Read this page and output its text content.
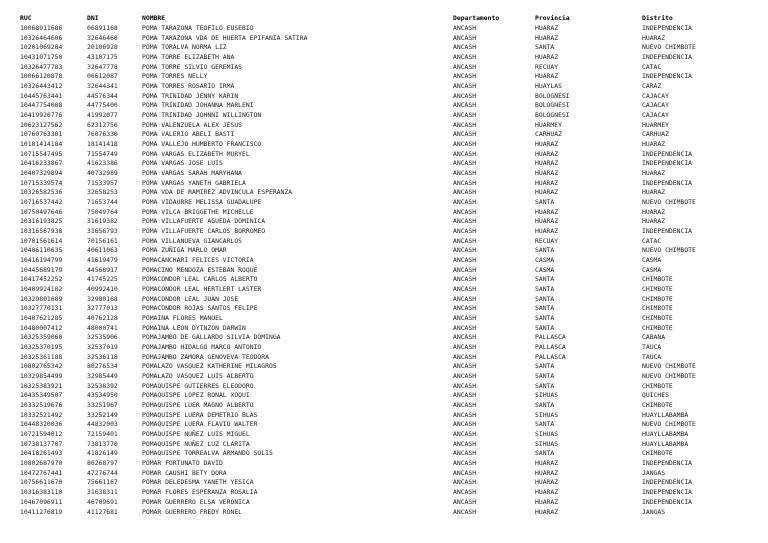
RUC	DNI	NOMBRE	Departamento	Provincia	Distrito
10068911686	06891168	POMA TARAZONA TEOFILO EUSEBIO	ANCASH	HUARAZ	INDEPENDENCIA
10326464606	32646460	POMA TARAZONA VDA DE HUERTA EPIFANIA SATIRA	ANCASH	HUARAZ	HUARAZ
10201069284	20106928	POMA TORALVA NORMA LIZ	ANCASH	SANTA	NUEVO CHIMBOTE
10431071750	43107175	POMA TORRE ELIZABETH ANA	ANCASH	HUARAZ	INDEPENDENCIA
10326477783	32647778	POMA TORRE SILVIO GEREMIAS	ANCASH	RECUAY	CATAC
10066120878	06612087	POMA TORRES NELLY	ANCASH	HUARAZ	INDEPENDENCIA
10326443412	32644341	POMA TORRES ROSARIO IRMA	ANCASH	HUAYLAS	CARAZ
10445763441	44576344	POMA TRINIDAD JENNY KARIN	ANCASH	BOLOGNESI	CAJACAY
10447754008	44775400	POMA TRINIDAD JOHANNA MARLENI	ANCASH	BOLOGNESI	CAJACAY
10419920776	41992077	POMA TRINIDAD JOHNNI WILLINGTON	ANCASH	BOLOGNESI	CAJACAY
10623127562	62312756	POMA VALENZUELA ALEX JESUS	ANCASH	HUARMEY	HUARMEY
10760763301	76076330	POMA VALERIO ABELI BASTI	ANCASH	CARHUAZ	CARHUAZ
10181414184	18141418	POMA VALLEJO HUMBERTO FRANCISCO	ANCASH	HUARAZ	HUARAZ
10715547495	71554749	POMA VARGAS ELIZABETH MURYEL	ANCASH	HUARAZ	INDEPENDENCIA
10416233867	41623386	POMA VARGAS JOSE LUIS	ANCASH	HUARAZ	INDEPENDENCIA
10407329894	40732989	POMA VARGAS SARAH MARYHANA	ANCASH	HUARAZ	HUARAZ
10715339574	71533957	POMA VARGAS YANETH GABRIELA	ANCASH	HUARAZ	INDEPENDENCIA
10326582536	32658253	POMA VDA DE RAMIREZ ADVINCULA ESPERANZA	ANCASH	HUARAZ	HUARAZ
10716537442	71653744	POMA VIDAURRE MELISSA GUADALUPE	ANCASH	SANTA	NUEVO CHIMBOTE
10750497646	75049764	POMA VILCA BRIGGETHE MICHELLE	ANCASH	HUARAZ	HUARAZ
10316193825	31619382	POMA VILLAFUERTE AGUEDA DOMINICA	ANCASH	HUARAZ	HUARAZ
10316567938	31656793	POMA VILLAFUERTE CARLOS BORROMEO	ANCASH	HUARAZ	INDEPENDENCIA
10701561614	70156161	POMA VILLANUEVA GIANCARLOS	ANCASH	RECUAY	CATAC
10406110635	40611063	POMA ZUÑIGA MARLO OMAR	ANCASH	SANTA	NUEVO CHIMBOTE
10416194799	41619479	POMACANCHARI FELICES VICTORIA	ANCASH	CASMA	CASMA
10445689179	44568917	POMACINO MENDOZA ESTEBAN ROQUE	ANCASH	CASMA	CASMA
10417452252	41745225	POMACONDOR LEAL CARLOS ALBERTO	ANCASH	SANTA	CHIMBOTE
10409924102	40992410	POMACONDOR LEAL HERTLERT LASTER	ANCASH	SANTA	CHIMBOTE
10329801689	32980168	POMACONDOR LEAL JUAN JOSE	ANCASH	SANTA	CHIMBOTE
10327770131	32777013	POMACONDOR ROJAS SANTOS FELIPE	ANCASH	SANTA	CHIMBOTE
10407621285	40762128	POMAINA FLORES MANUEL	ANCASH	SANTA	CHIMBOTE
10480007412	48000741	POMAINA LEON DYTNZON DARWIN	ANCASH	SANTA	CHIMBOTE
10325359060	32535906	POMAJAMBO DE GALLARDO SILVIA DOMINGA	ANCASH	PALLASCA	CABANA
10325370195	32537019	POMAJAMBO HIDALGO MARCO ANTONIO	ANCASH	PALLASCA	TAUCA
10325361188	32536118	POMAJAMBO ZAMORA GENOVEVA TEODORA	ANCASH	PALLASCA	TAUCA
10802765342	80276534	POMALAZO VASQUEZ KATHERINE MILAGROS	ANCASH	SANTA	NUEVO CHIMBOTE
10329854499	32985449	POMALAZO VASQUEZ LUIS ALBERTO	ANCASH	SANTA	NUEVO CHIMBOTE
10325383921	32538392	POMAQUISPE GUTIERRES ELEODORO	ANCASH	SANTA	CHIMBOTE
10435349507	43534950	POMAQUISPE LOPEZ RONAL XOQUI	ANCASH	SIHUAS	QUICHES
10332519676	33251967	POMAQUISPE LUER MAGNO ALBERTO	ANCASH	SANTA	CHIMBOTE
10332521492	33252149	POMAQUISPE LUERA DEMETRIO BLAS	ANCASH	SIHUAS	HUAYLLABAMBA
10448320036	44832003	POMAQUISPE LUERA FLAVIO WALTER	ANCASH	SANTA	NUEVO CHIMBOTE
10721594012	72159401	POMAQUISPE NUÑEZ LUIS MIGUEL	ANCASH	SIHUAS	HUAYLLABAMBA
10738137707	73813770	POMAQUISPE NUÑEZ LUZ CLARITA	ANCASH	SIHUAS	HUAYLLABAMBA
10418261493	41826149	POMAQUISPE TORREALVA ARMANDO SOLIS	ANCASH	SANTA	CHIMBOTE
10802687970	80268797	POMAR FORTUNATO DAVID	ANCASH	HUARAZ	INDEPENDENCIA
10472767441	47276744	POMAR CAUSHI BETY DORA	ANCASH	HUARAZ	JANGAS
10756611670	75661167	POMAR DELEDESMA YANETH YESICA	ANCASH	HUARAZ	INDEPENDENCIA
10316383110	31638311	POMAR FLORES ESPERANZA ROSALIA	ANCASH	HUARAZ	INDEPENDENCIA
10467096911	46709691	POMAR GUERRERO ELSA VERONICA	ANCASH	HUARAZ	INDEPENDENCIA
10411276819	41127681	POMAR GUERRERO FREDY RONEL	ANCASH	HUARAZ	JANGAS
